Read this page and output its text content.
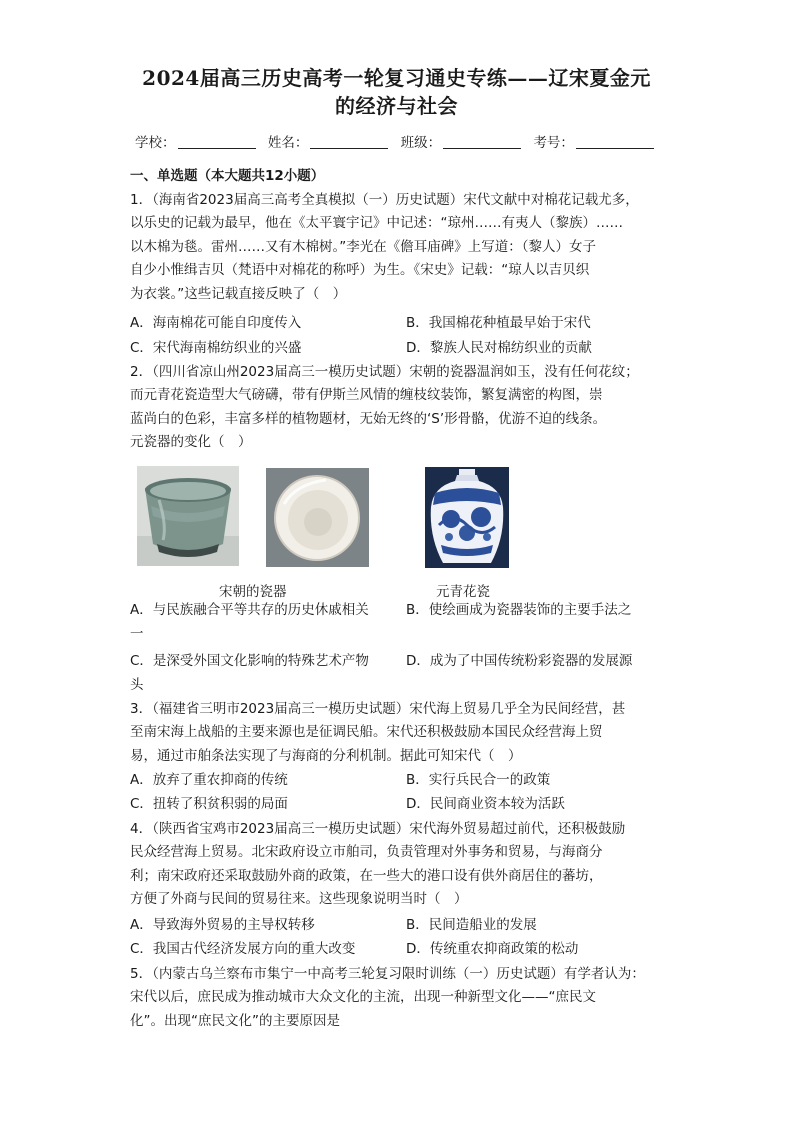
2024届高三历史高考一轮复习通史专练——辽宋夏金元
的经济与社会
学校：	姓名：	班级：	考号：
一、单选题（本大题共12小题）
1．（海南省2023届高三高考全真模拟（一）历史试题）宋代文献中对棉花记载尤多，
以乐史的记载为最早，他在《太平寰宇记》中记述：“琼州……有夷人（黎族）……
以木棉为毯。雷州……又有木棉树。”李光在《儋耳庙碑》上写道：（黎人）女子
自少小惟缉吉贝（梵语中对棉花的称呼）为生。《宋史》记载：“琼人以吉贝织
为衣裳。”这些记载直接反映了（　）
A．海南棉花可能自印度传入	B．我国棉花种植最早始于宋代
C．宋代海南棉纺织业的兴盛	D．黎族人民对棉纺织业的贡献
2．（四川省凉山州2023届高三一模历史试题）宋朝的瓷器温润如玉，没有任何花纹；
而元青花瓷造型大气磅礴，带有伊斯兰风情的缠枝纹装饰，繁复满密的构图，崇
蓝尚白的色彩，丰富多样的植物题材，无始无终的‘S’形骨骼，优游不迫的线条。
元瓷器的变化（　）
宋朝的瓷器	元青花瓷
A．与民族融合平等共存的历史休戚相关	B．使绘画成为瓷器装饰的主要手法之
一
C．是深受外国文化影响的特殊艺术产物	D．成为了中国传统粉彩瓷器的发展源
头
3．（福建省三明市2023届高三一模历史试题）宋代海上贸易几乎全为民间经营，甚
至南宋海上战船的主要来源也是征调民船。宋代还积极鼓励本国民众经营海上贸
易，通过市舶条法实现了与海商的分利机制。据此可知宋代（　）
A．放弃了重农抑商的传统	B．实行兵民合一的政策
C．扭转了积贫积弱的局面	D．民间商业资本较为活跃
4．（陕西省宝鸡市2023届高三一模历史试题）宋代海外贸易超过前代，还积极鼓励
民众经营海上贸易。北宋政府设立市舶司，负责管理对外事务和贸易，与海商分
利；南宋政府还采取鼓励外商的政策，在一些大的港口设有供外商居住的蕃坊，
方便了外商与民间的贸易往来。这些现象说明当时（　）
A．导致海外贸易的主导权转移	B．民间造船业的发展
C．我国古代经济发展方向的重大改变	D．传统重农抑商政策的松动
5．（内蒙古乌兰察布市集宁一中高考三轮复习限时训练（一）历史试题）有学者认为：
宋代以后，庶民成为推动城市大众文化的主流，出现一种新型文化——“庶民文
化”。出现“庶民文化”的主要原因是
